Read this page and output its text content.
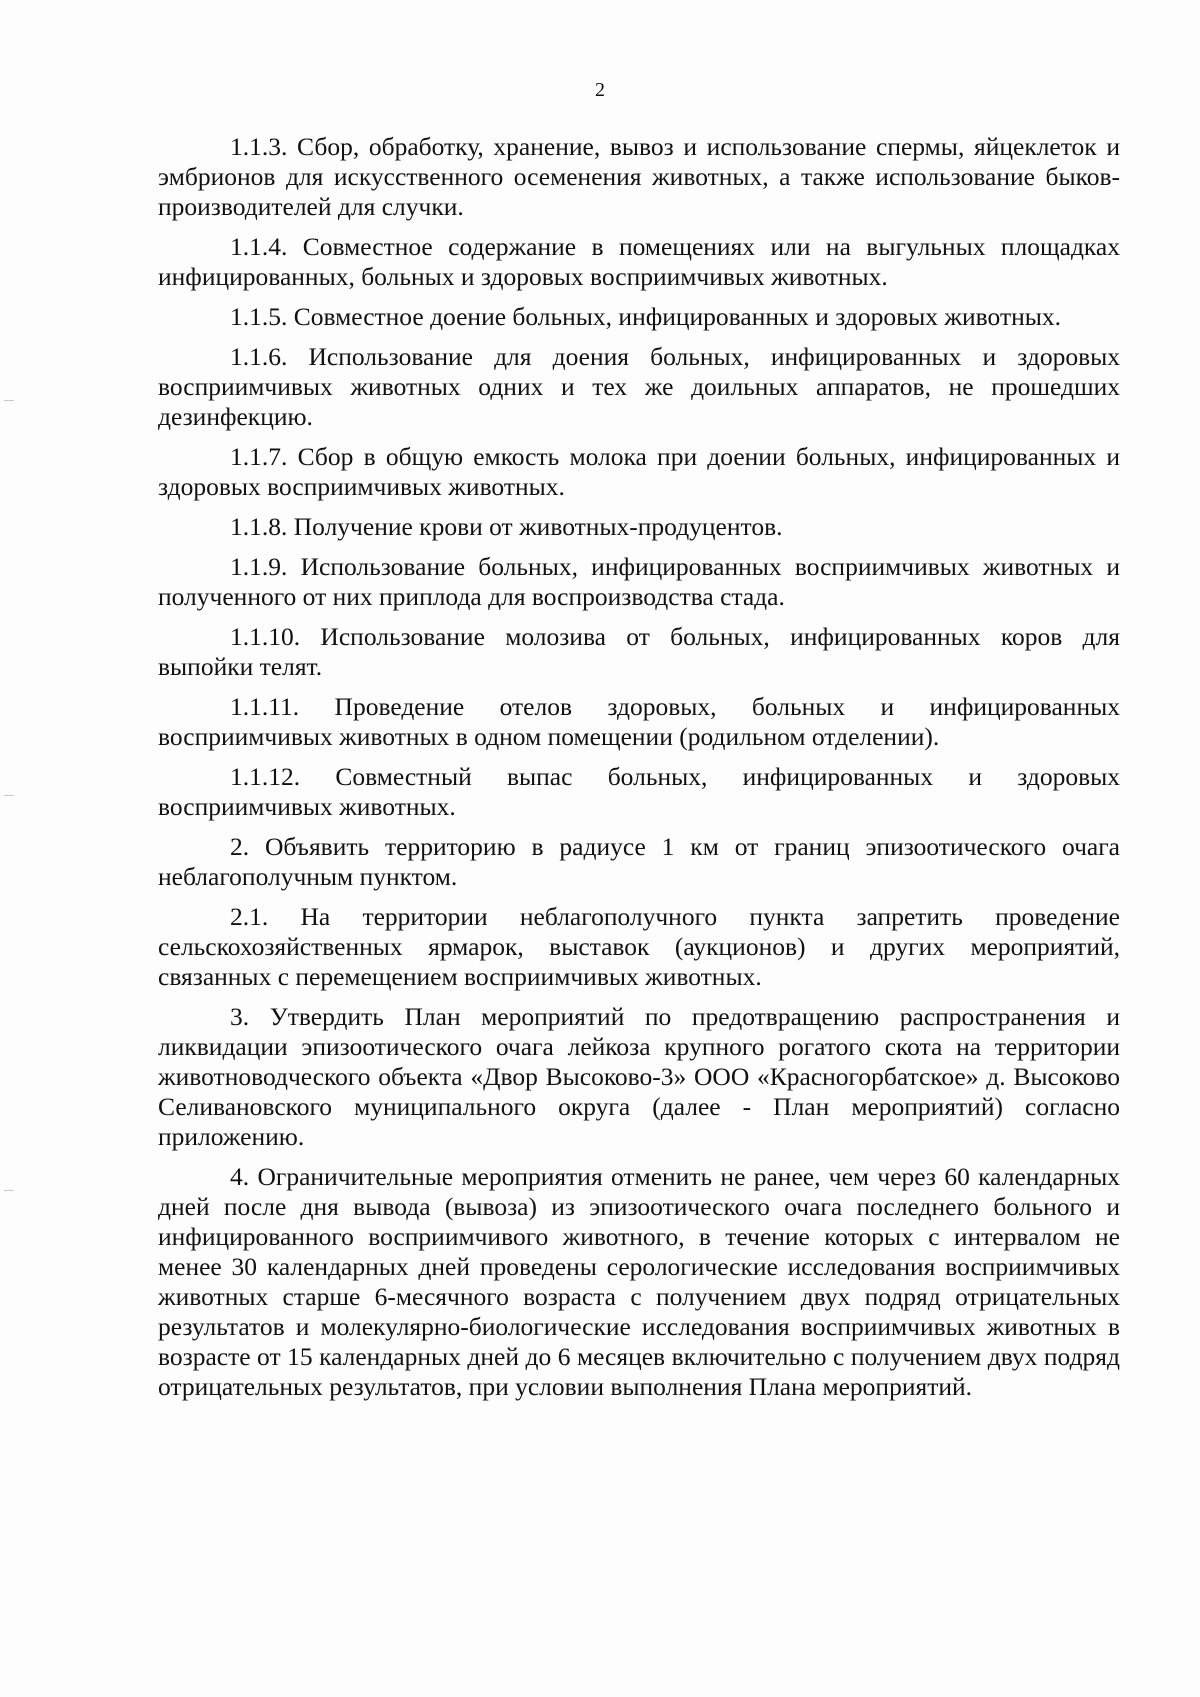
2

1.1.3. Сбор, обработку, хранение, вывоз и использование спермы, яйцеклеток и эмбрионов для искусственного осеменения животных, а также использование быков-производителей для случки.

1.1.4. Совместное содержание в помещениях или на выгульных площадках инфицированных, больных и здоровых восприимчивых животных.

1.1.5. Совместное доение больных, инфицированных и здоровых животных.

1.1.6. Использование для доения больных, инфицированных и здоровых восприимчивых животных одних и тех же доильных аппаратов, не прошедших дезинфекцию.

1.1.7. Сбор в общую емкость молока при доении больных, инфицированных и здоровых восприимчивых животных.

1.1.8. Получение крови от животных-продуцентов.

1.1.9. Использование больных, инфицированных восприимчивых животных и полученного от них приплода для воспроизводства стада.

1.1.10. Использование молозива от больных, инфицированных коров для выпойки телят.

1.1.11. Проведение отелов здоровых, больных и инфицированных восприимчивых животных в одном помещении (родильном отделении).

1.1.12. Совместный выпас больных, инфицированных и здоровых восприимчивых животных.

2. Объявить территорию в радиусе 1 км от границ эпизоотического очага неблагополучным пунктом.

2.1. На территории неблагополучного пункта запретить проведение сельскохозяйственных ярмарок, выставок (аукционов) и других мероприятий, связанных с перемещением восприимчивых животных.

3. Утвердить План мероприятий по предотвращению распространения и ликвидации эпизоотического очага лейкоза крупного рогатого скота на территории животноводческого объекта «Двор Высоково-3» ООО «Красногорбатское» д. Высоково Селивановского муниципального округа (далее - План мероприятий) согласно приложению.

4. Ограничительные мероприятия отменить не ранее, чем через 60 календарных дней после дня вывода (вывоза) из эпизоотического очага последнего больного и инфицированного восприимчивого животного, в течение которых с интервалом не менее 30 календарных дней проведены серологические исследования восприимчивых животных старше 6-месячного возраста с получением двух подряд отрицательных результатов и молекулярно-биологические исследования восприимчивых животных в возрасте от 15 календарных дней до 6 месяцев включительно с получением двух подряд отрицательных результатов, при условии выполнения Плана мероприятий.
